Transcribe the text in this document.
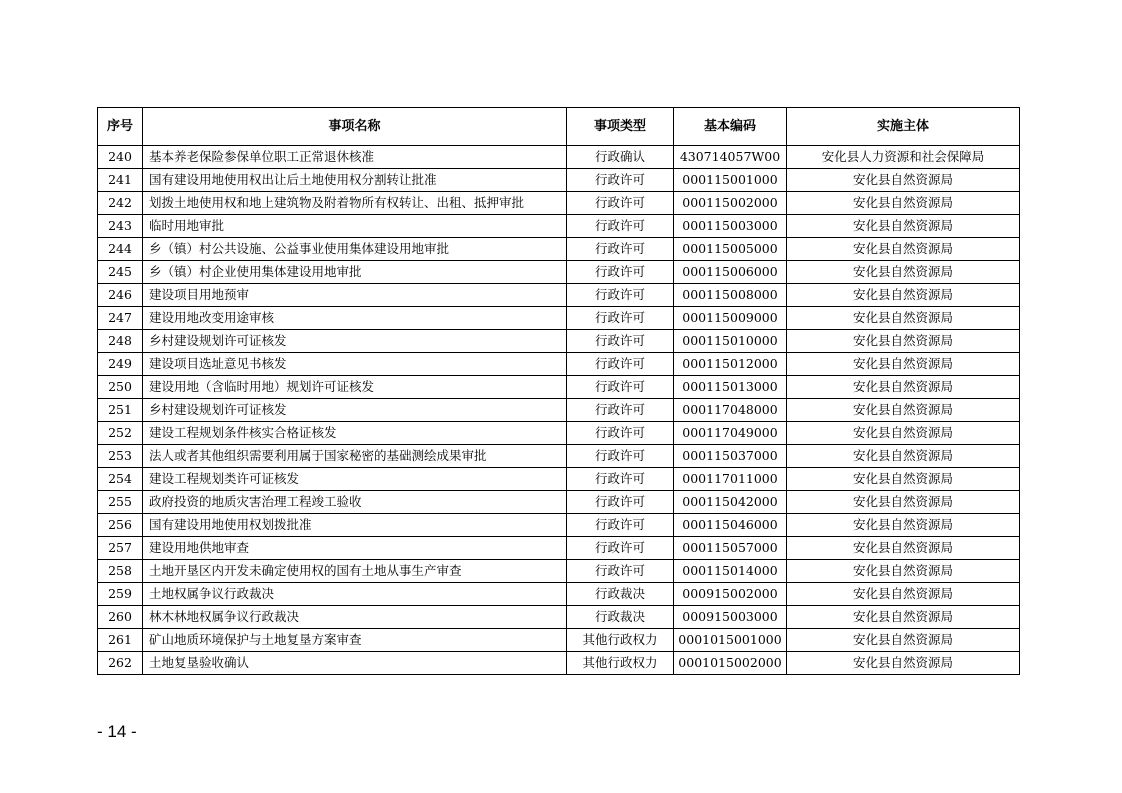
序号	事项名称	事项类型	基本编码	实施主体
240	基本养老保险参保单位职工正常退休核准	行政确认	430714057W00	安化县人力资源和社会保障局
241	国有建设用地使用权出让后土地使用权分割转让批准	行政许可	000115001000	安化县自然资源局
242	划拨土地使用权和地上建筑物及附着物所有权转让、出租、抵押审批	行政许可	000115002000	安化县自然资源局
243	临时用地审批	行政许可	000115003000	安化县自然资源局
244	乡（镇）村公共设施、公益事业使用集体建设用地审批	行政许可	000115005000	安化县自然资源局
245	乡（镇）村企业使用集体建设用地审批	行政许可	000115006000	安化县自然资源局
246	建设项目用地预审	行政许可	000115008000	安化县自然资源局
247	建设用地改变用途审核	行政许可	000115009000	安化县自然资源局
248	乡村建设规划许可证核发	行政许可	000115010000	安化县自然资源局
249	建设项目选址意见书核发	行政许可	000115012000	安化县自然资源局
250	建设用地（含临时用地）规划许可证核发	行政许可	000115013000	安化县自然资源局
251	乡村建设规划许可证核发	行政许可	000117048000	安化县自然资源局
252	建设工程规划条件核实合格证核发	行政许可	000117049000	安化县自然资源局
253	法人或者其他组织需要利用属于国家秘密的基础测绘成果审批	行政许可	000115037000	安化县自然资源局
254	建设工程规划类许可证核发	行政许可	000117011000	安化县自然资源局
255	政府投资的地质灾害治理工程竣工验收	行政许可	000115042000	安化县自然资源局
256	国有建设用地使用权划拨批准	行政许可	000115046000	安化县自然资源局
257	建设用地供地审查	行政许可	000115057000	安化县自然资源局
258	土地开垦区内开发未确定使用权的国有土地从事生产审查	行政许可	000115014000	安化县自然资源局
259	土地权属争议行政裁决	行政裁决	000915002000	安化县自然资源局
260	林木林地权属争议行政裁决	行政裁决	000915003000	安化县自然资源局
261	矿山地质环境保护与土地复垦方案审查	其他行政权力	0001015001000	安化县自然资源局
262	土地复垦验收确认	其他行政权力	0001015002000	安化县自然资源局
- 14 -
